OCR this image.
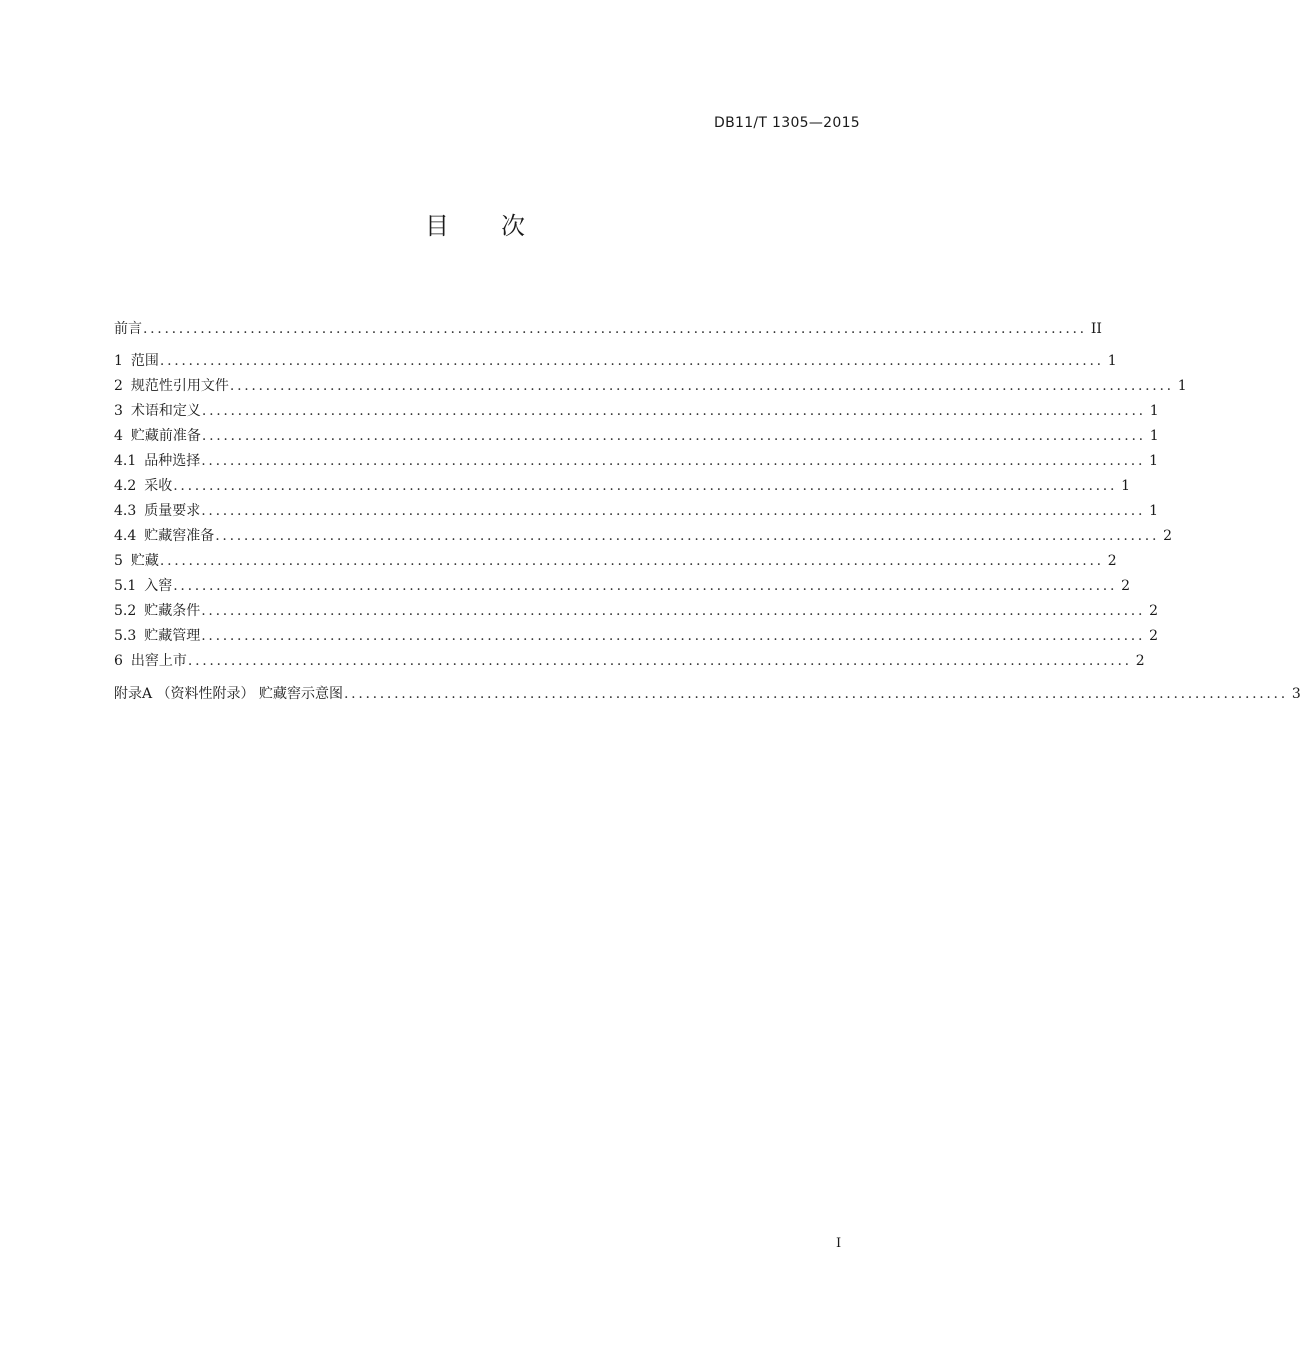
DB11/T 1305—2015
目次
前言 .................................................................................................................................... II
1 范围 .................................................................................................................................... 1
2 规范性引用文件 .................................................................................................................................... 1
3 术语和定义 .................................................................................................................................... 1
4 贮藏前准备 .................................................................................................................................... 1
4.1 品种选择 .................................................................................................................................... 1
4.2 采收 .................................................................................................................................... 1
4.3 质量要求 .................................................................................................................................... 1
4.4 贮藏窖准备 .................................................................................................................................... 2
5 贮藏 .................................................................................................................................... 2
5.1 入窖 .................................................................................................................................... 2
5.2 贮藏条件 .................................................................................................................................... 2
5.3 贮藏管理 .................................................................................................................................... 2
6 出窖上市 .................................................................................................................................... 2
附录A （资料性附录） 贮藏窖示意图 .................................................................................................................................... 3
I
